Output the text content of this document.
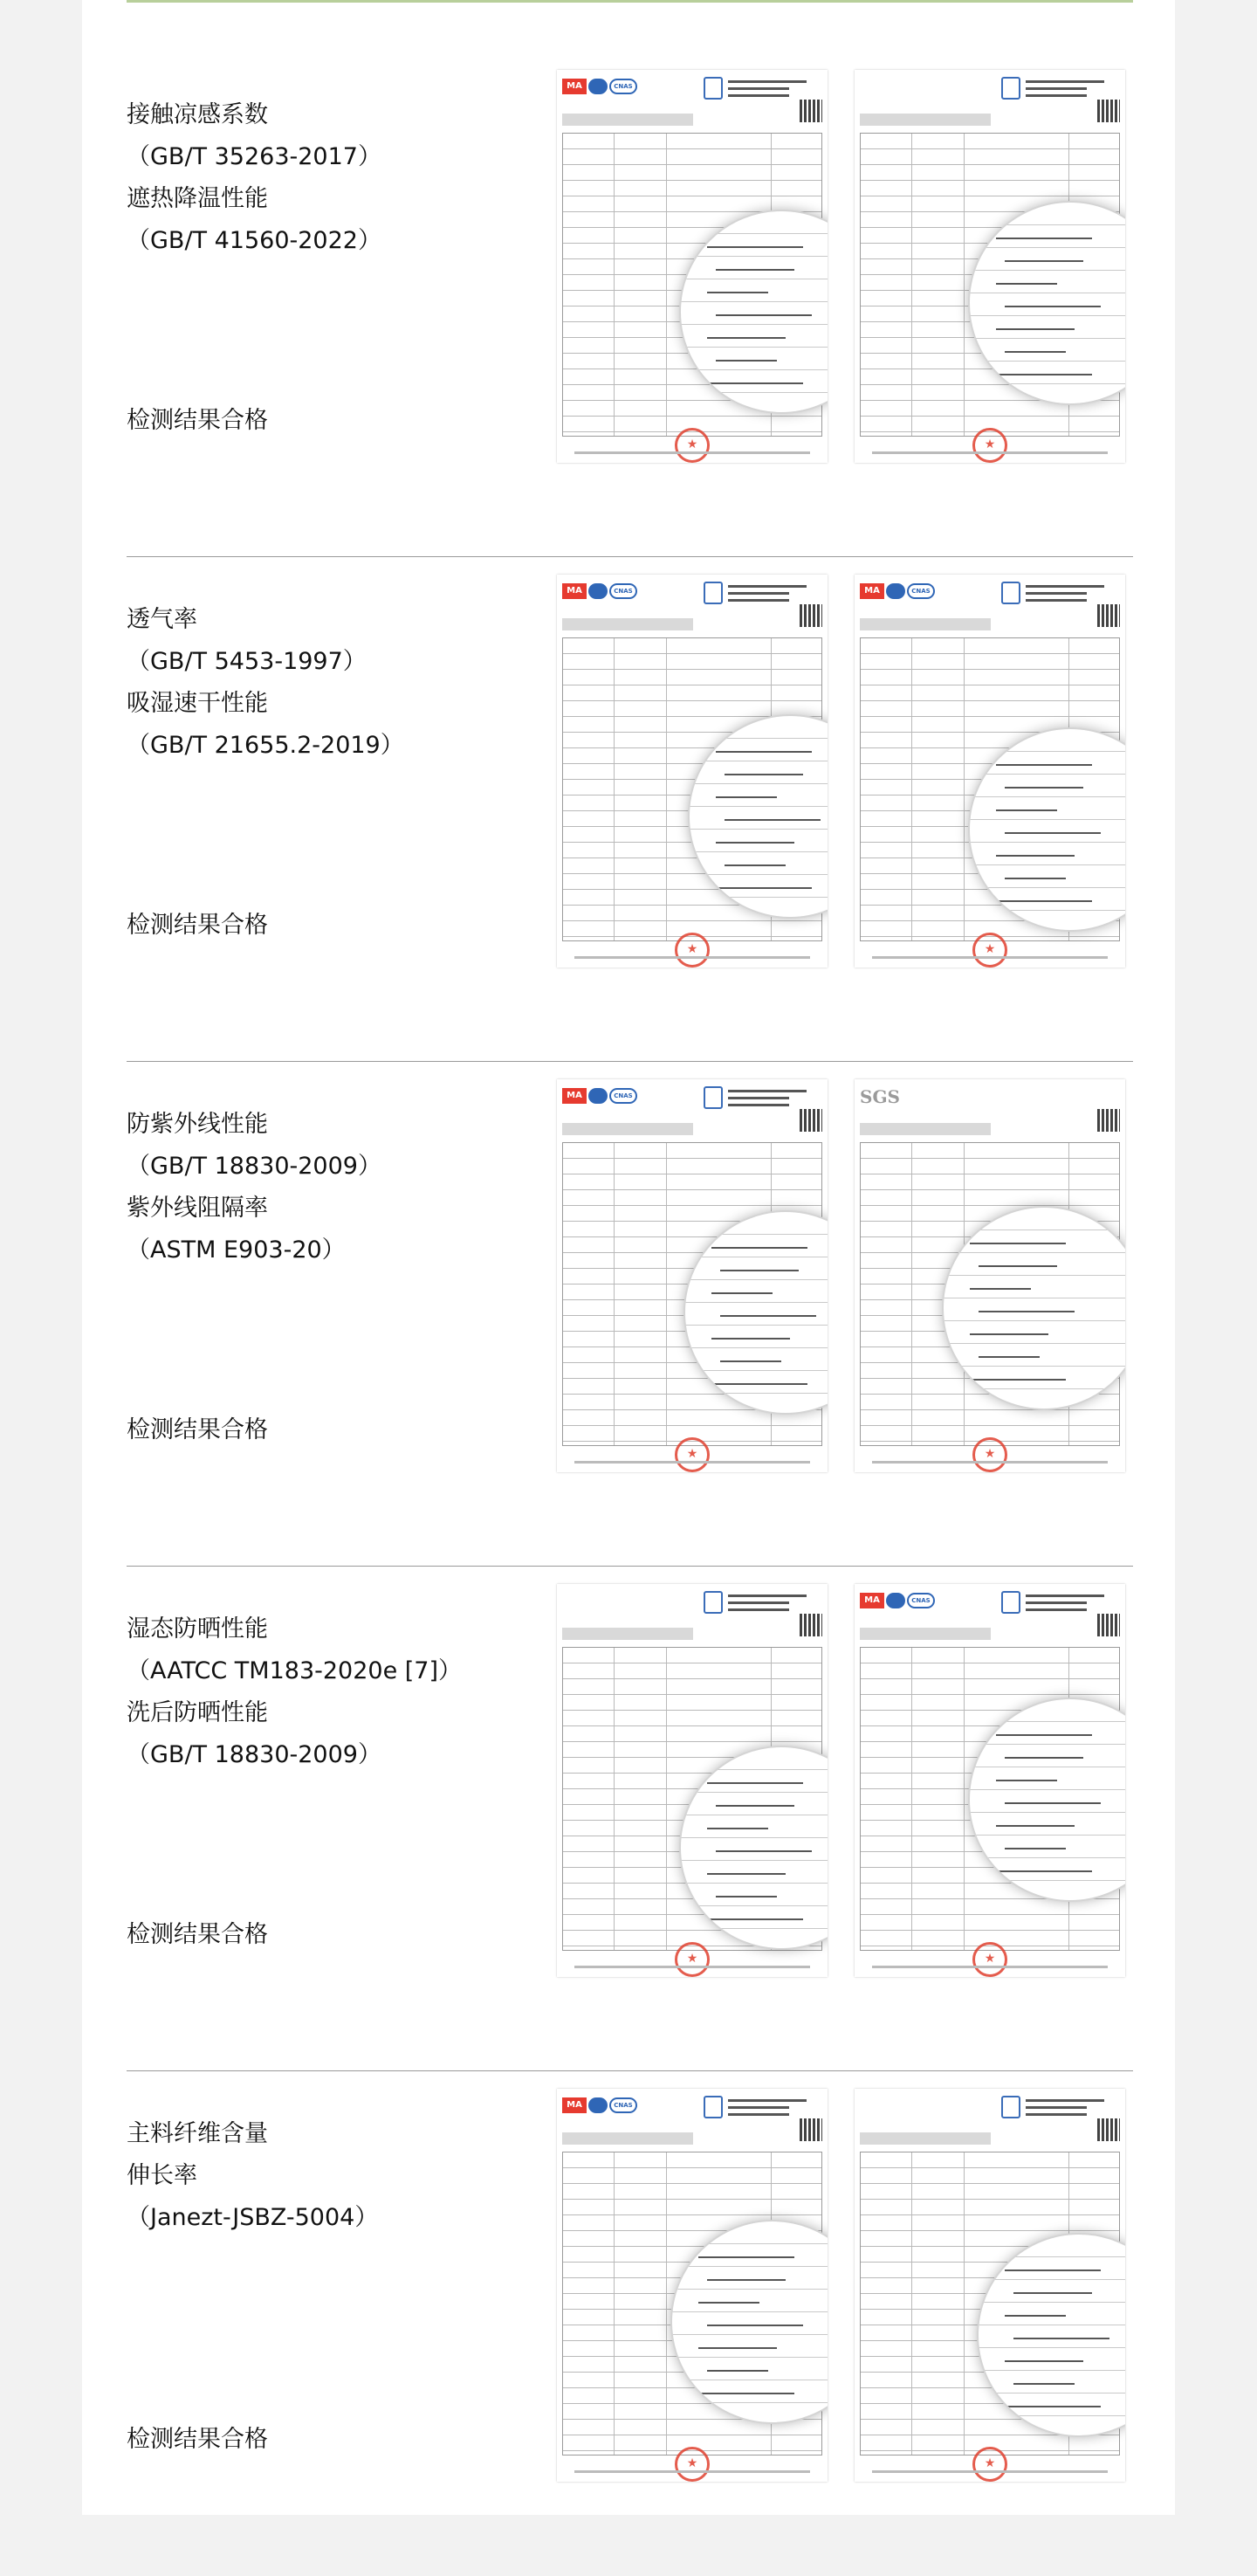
接触凉感系数
（GB/T 35263-2017）
遮热降温性能
（GB/T 41560-2022）
检测结果合格
MA	CNAS
★
★
透气率
（GB/T 5453-1997）
吸湿速干性能
（GB/T 21655.2-2019）
检测结果合格
MA	CNAS
★	MA	CNAS
★
防紫外线性能
（GB/T 18830-2009）
紫外线阻隔率
（ASTM E903-20）
检测结果合格
MA	CNAS
★	SGS
★
湿态防晒性能
（AATCC TM183-2020e [7]）
洗后防晒性能
（GB/T 18830-2009）
检测结果合格
★
MA	CNAS
★
主料纤维含量
伸长率
（Janezt-JSBZ-5004）
检测结果合格
MA	CNAS
★
★
